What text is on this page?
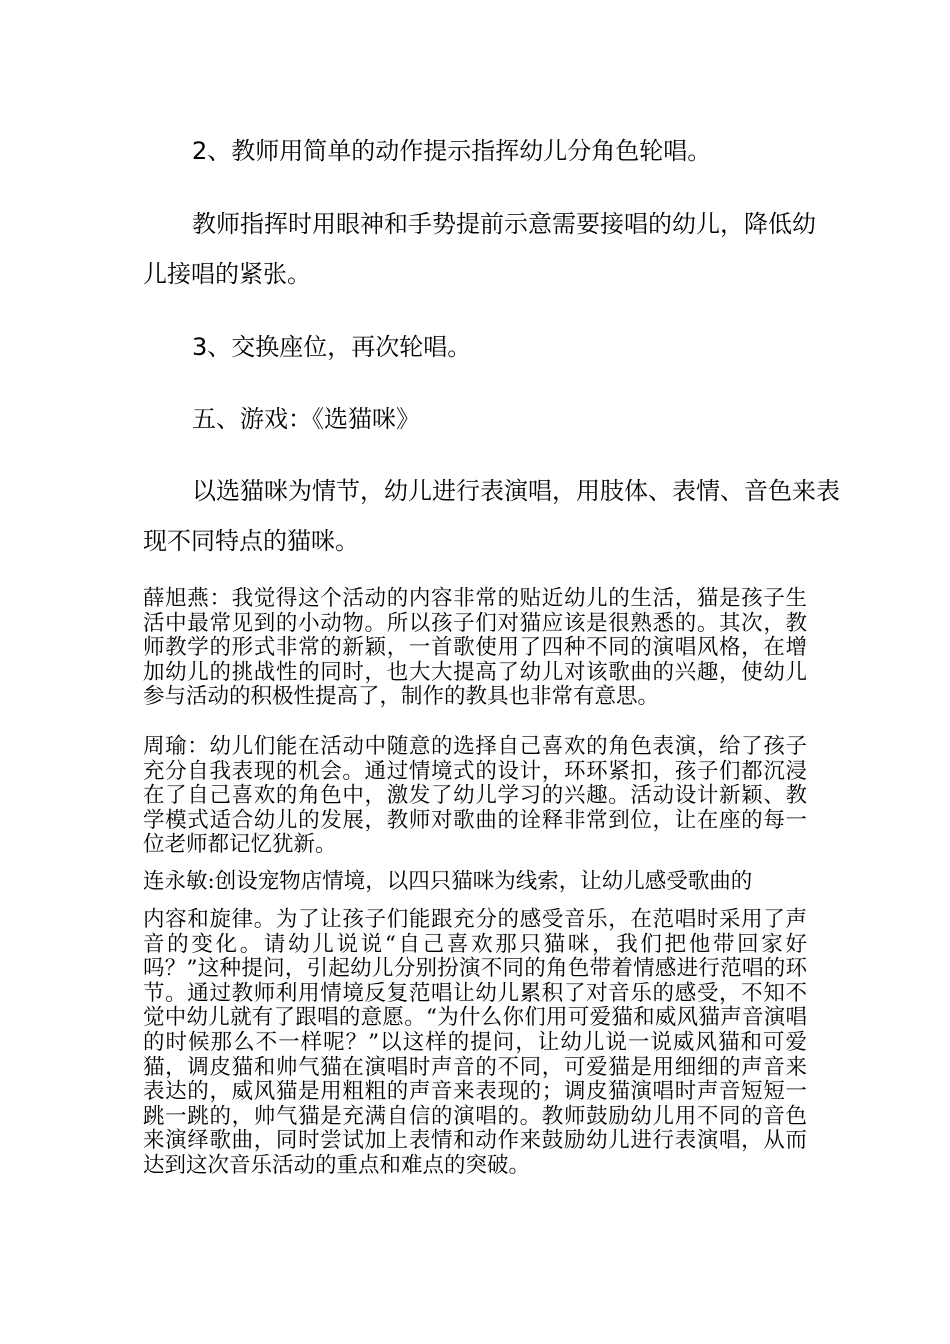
2、教师用简单的动作提示指挥幼儿分角色轮唱。
教师指挥时用眼神和手势提前示意需要接唱的幼儿，降低幼
儿接唱的紧张。
3、交换座位，再次轮唱。
五、游戏：《选猫咪》
以选猫咪为情节，幼儿进行表演唱，用肢体、表情、音色来表
现不同特点的猫咪。

薛旭燕：我觉得这个活动的内容非常的贴近幼儿的生活，猫是孩子生活中最常见到的小动物。所以孩子们对猫应该是很熟悉的。其次，教师教学的形式非常的新颖，一首歌使用了四种不同的演唱风格，在增加幼儿的挑战性的同时，也大大提高了幼儿对该歌曲的兴趣，使幼儿参与活动的积极性提高了，制作的教具也非常有意思。

周瑜：幼儿们能在活动中随意的选择自己喜欢的角色表演，给了孩子充分自我表现的机会。通过情境式的设计，环环紧扣，孩子们都沉浸在了自己喜欢的角色中，激发了幼儿学习的兴趣。活动设计新颖、教学模式适合幼儿的发展，教师对歌曲的诠释非常到位，让在座的每一位老师都记忆犹新。

连永敏:创设宠物店情境，以四只猫咪为线索，让幼儿感受歌曲的

内容和旋律。为了让孩子们能跟充分的感受音乐，在范唱时采用了声音的变化。请幼儿说说“自己喜欢那只猫咪，我们把他带回家好吗？”这种提问，引起幼儿分别扮演不同的角色带着情感进行范唱的环节。通过教师利用情境反复范唱让幼儿累积了对音乐的感受，不知不觉中幼儿就有了跟唱的意愿。“为什么你们用可爱猫和威风猫声音演唱的时候那么不一样呢？”以这样的提问，让幼儿说一说威风猫和可爱猫，调皮猫和帅气猫在演唱时声音的不同，可爱猫是用细细的声音来表达的，威风猫是用粗粗的声音来表现的；调皮猫演唱时声音短短一跳一跳的，帅气猫是充满自信的演唱的。教师鼓励幼儿用不同的音色来演绎歌曲，同时尝试加上表情和动作来鼓励幼儿进行表演唱，从而达到这次音乐活动的重点和难点的突破。
